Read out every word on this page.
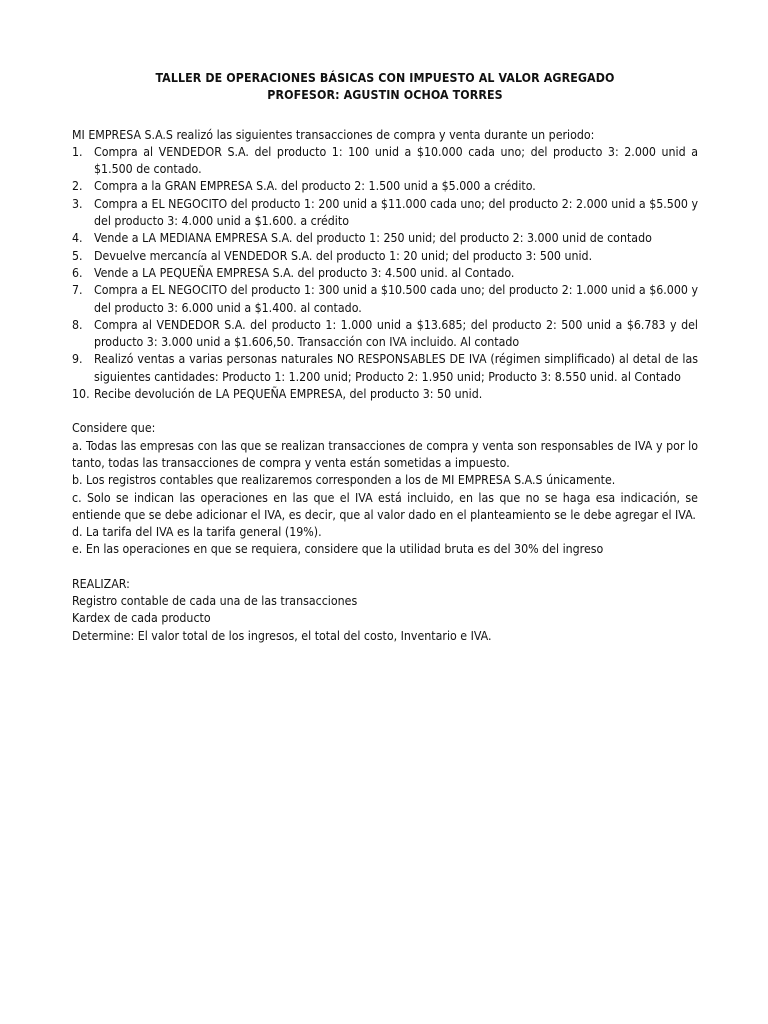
TALLER DE OPERACIONES BÁSICAS CON IMPUESTO AL VALOR AGREGADO

PROFESOR: AGUSTIN OCHOA TORRES

MI EMPRESA S.A.S realizó las siguientes transacciones de compra y venta durante un periodo:

1. Compra al VENDEDOR S.A. del producto 1: 100 unid a $10.000 cada uno; del producto 3: 2.000 unid a $1.500 de contado.
2. Compra a la GRAN EMPRESA S.A. del producto 2: 1.500 unid a $5.000 a crédito.
3. Compra a EL NEGOCITO del producto 1: 200 unid a $11.000 cada uno; del producto 2: 2.000 unid a $5.500 y del producto 3: 4.000 unid a $1.600. a crédito
4. Vende a LA MEDIANA EMPRESA S.A. del producto 1: 250 unid; del producto 2: 3.000 unid de contado
5. Devuelve mercancía al VENDEDOR S.A. del producto 1: 20 unid; del producto 3: 500 unid.
6. Vende a LA PEQUEÑA EMPRESA S.A. del producto 3: 4.500 unid. al Contado.
7. Compra a EL NEGOCITO del producto 1: 300 unid a $10.500 cada uno; del producto 2: 1.000 unid a $6.000 y del producto 3: 6.000 unid a $1.400. al contado.
8. Compra al VENDEDOR S.A. del producto 1: 1.000 unid a $13.685; del producto 2: 500 unid a $6.783 y del producto 3: 3.000 unid a $1.606,50. Transacción con IVA incluido. Al contado
9. Realizó ventas a varias personas naturales NO RESPONSABLES DE IVA (régimen simplificado) al detal de las siguientes cantidades: Producto 1: 1.200 unid; Producto 2: 1.950 unid; Producto 3: 8.550 unid. al Contado
10. Recibe devolución de LA PEQUEÑA EMPRESA, del producto 3: 50 unid.

Considere que:

a. Todas las empresas con las que se realizan transacciones de compra y venta son responsables de IVA y por lo tanto, todas las transacciones de compra y venta están sometidas a impuesto.

b. Los registros contables que realizaremos corresponden a los de MI EMPRESA S.A.S únicamente.

c. Solo se indican las operaciones en las que el IVA está incluido, en las que no se haga esa indicación, se entiende que se debe adicionar el IVA, es decir, que al valor dado en el planteamiento se le debe agregar el IVA.

d. La tarifa del IVA es la tarifa general (19%).

e. En las operaciones en que se requiera, considere que la utilidad bruta es del 30% del ingreso

REALIZAR:

Registro contable de cada una de las transacciones

Kardex de cada producto

Determine: El valor total de los ingresos, el total del costo, Inventario e IVA.
